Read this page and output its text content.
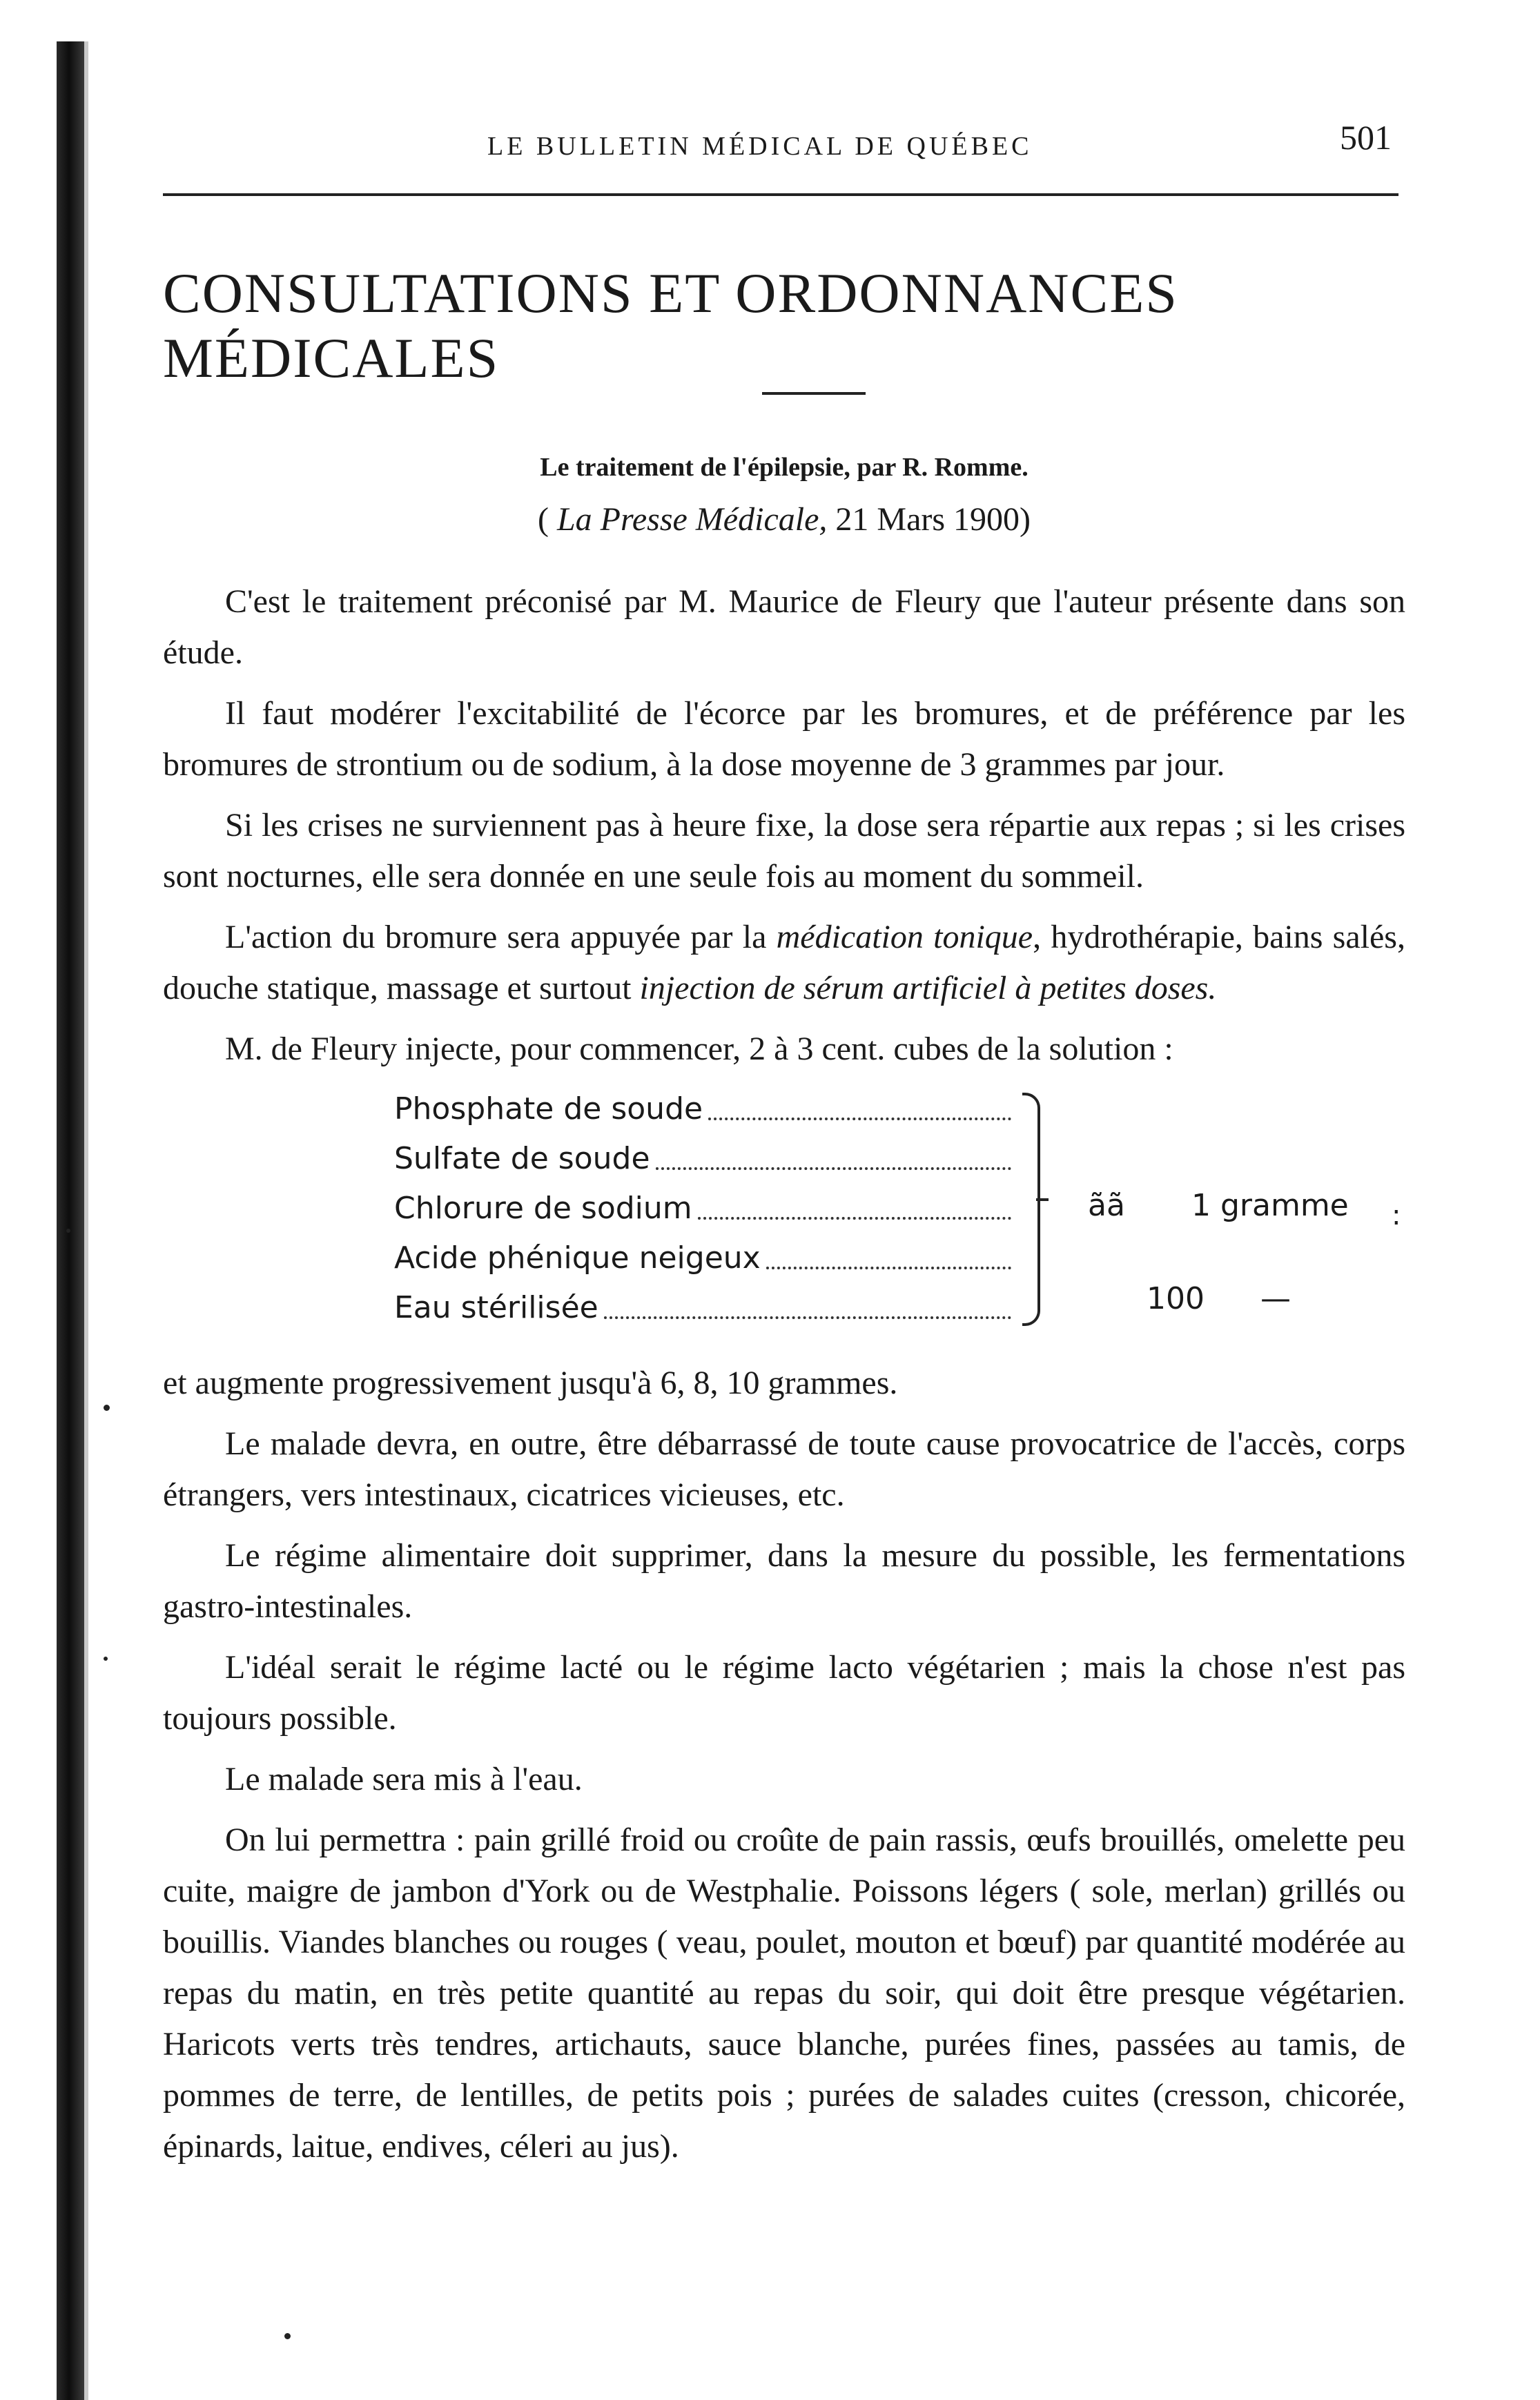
LE BULLETIN MÉDICAL DE QUÉBEC	501
CONSULTATIONS ET ORDONNANCES MÉDICALES
Le traitement de l'épilepsie, par R. Romme.
( La Presse Médicale, 21 Mars 1900)

C'est le traitement préconisé par M. Maurice de Fleury que l'auteur présente dans son étude.

Il faut modérer l'excitabilité de l'écorce par les bromures, et de préférence par les bromures de strontium ou de sodium, à la dose moyenne de 3 grammes par jour.

Si les crises ne surviennent pas à heure fixe, la dose sera répartie aux repas ; si les crises sont nocturnes, elle sera donnée en une seule fois au moment du sommeil.

L'action du bromure sera appuyée par la médication tonique, hydrothérapie, bains salés, douche statique, massage et surtout injection de sérum artificiel à petites doses.

M. de Fleury injecte, pour commencer, 2 à 3 cent. cubes de la solution :

Phosphate de soude
Sulfate de soude
Chlorure de sodium
Acide phénique neigeux
Eau stérilisée
ãã 1 gramme
100 —
:

et augmente progressivement jusqu'à 6, 8, 10 grammes.

Le malade devra, en outre, être débarrassé de toute cause provocatrice de l'accès, corps étrangers, vers intestinaux, cicatrices vicieuses, etc.

Le régime alimentaire doit supprimer, dans la mesure du possible, les fermentations gastro-intestinales.

L'idéal serait le régime lacté ou le régime lacto végétarien ; mais la chose n'est pas toujours possible.

Le malade sera mis à l'eau.

On lui permettra : pain grillé froid ou croûte de pain rassis, œufs brouillés, omelette peu cuite, maigre de jambon d'York ou de Westphalie. Poissons légers ( sole, merlan) grillés ou bouillis. Viandes blanches ou rouges ( veau, poulet, mouton et bœuf) par quantité modérée au repas du matin, en très petite quantité au repas du soir, qui doit être presque végétarien. Haricots verts très tendres, artichauts, sauce blanche, purées fines, passées au tamis, de pommes de terre, de lentilles, de petits pois ; purées de salades cuites (cresson, chicorée, épinards, laitue, endives, céleri au jus).
